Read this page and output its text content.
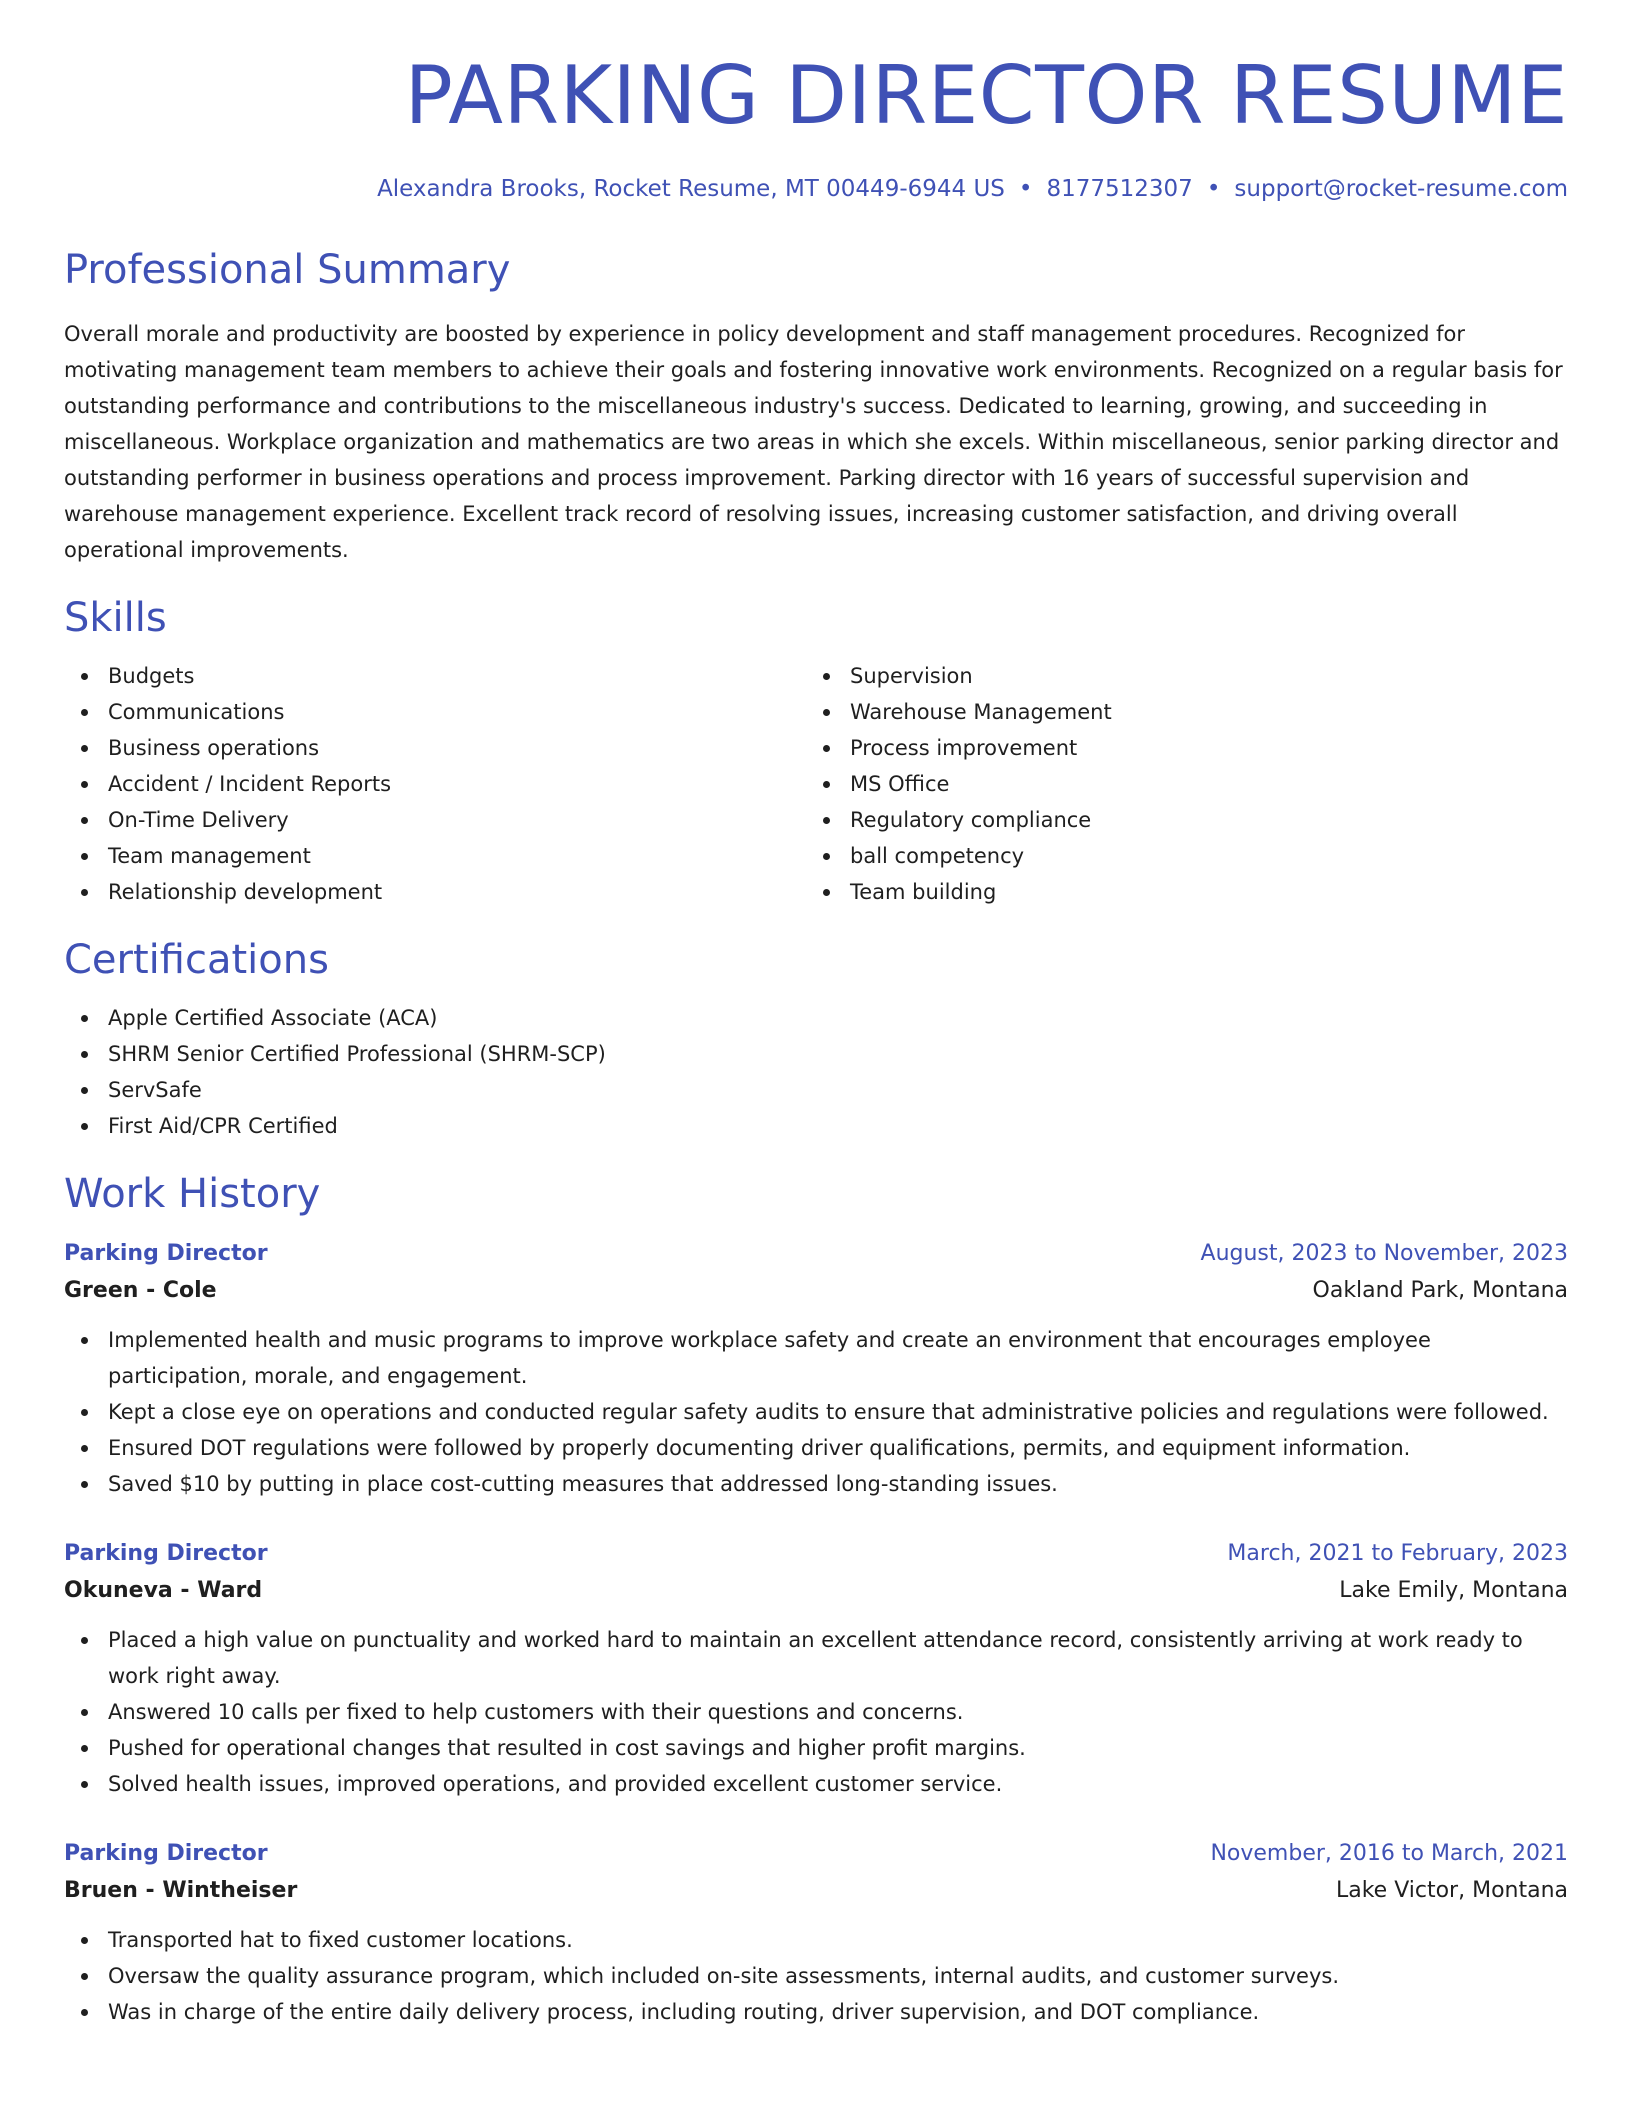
PARKING DIRECTOR RESUME
Alexandra Brooks, Rocket Resume, MT 00449-6944 US • 8177512307 • support@rocket-resume.com
Professional Summary

Overall morale and productivity are boosted by experience in policy development and staff management procedures. Recognized for motivating management team members to achieve their goals and fostering innovative work environments. Recognized on a regular basis for outstanding performance and contributions to the miscellaneous industry's success. Dedicated to learning, growing, and succeeding in miscellaneous. Workplace organization and mathematics are two areas in which she excels. Within miscellaneous, senior parking director and outstanding performer in business operations and process improvement. Parking director with 16 years of successful supervision and warehouse management experience. Excellent track record of resolving issues, increasing customer satisfaction, and driving overall operational improvements.

Skills
Budgets
Communications
Business operations
Accident / Incident Reports
On-Time Delivery
Team management
Relationship development
Supervision
Warehouse Management
Process improvement
MS Office
Regulatory compliance
ball competency
Team building
Certifications
Apple Certified Associate (ACA)
SHRM Senior Certified Professional (SHRM-SCP)
ServSafe
First Aid/CPR Certified
Work History
Parking Director	August, 2023 to November, 2023
Green - Cole	Oakland Park, Montana
Implemented health and music programs to improve workplace safety and create an environment that encourages employee participation, morale, and engagement.
Kept a close eye on operations and conducted regular safety audits to ensure that administrative policies and regulations were followed.
Ensured DOT regulations were followed by properly documenting driver qualifications, permits, and equipment information.
Saved $10 by putting in place cost-cutting measures that addressed long-standing issues.
Parking Director	March, 2021 to February, 2023
Okuneva - Ward	Lake Emily, Montana
Placed a high value on punctuality and worked hard to maintain an excellent attendance record, consistently arriving at work ready to work right away.
Answered 10 calls per fixed to help customers with their questions and concerns.
Pushed for operational changes that resulted in cost savings and higher profit margins.
Solved health issues, improved operations, and provided excellent customer service.
Parking Director	November, 2016 to March, 2021
Bruen - Wintheiser	Lake Victor, Montana
Transported hat to fixed customer locations.
Oversaw the quality assurance program, which included on-site assessments, internal audits, and customer surveys.
Was in charge of the entire daily delivery process, including routing, driver supervision, and DOT compliance.
